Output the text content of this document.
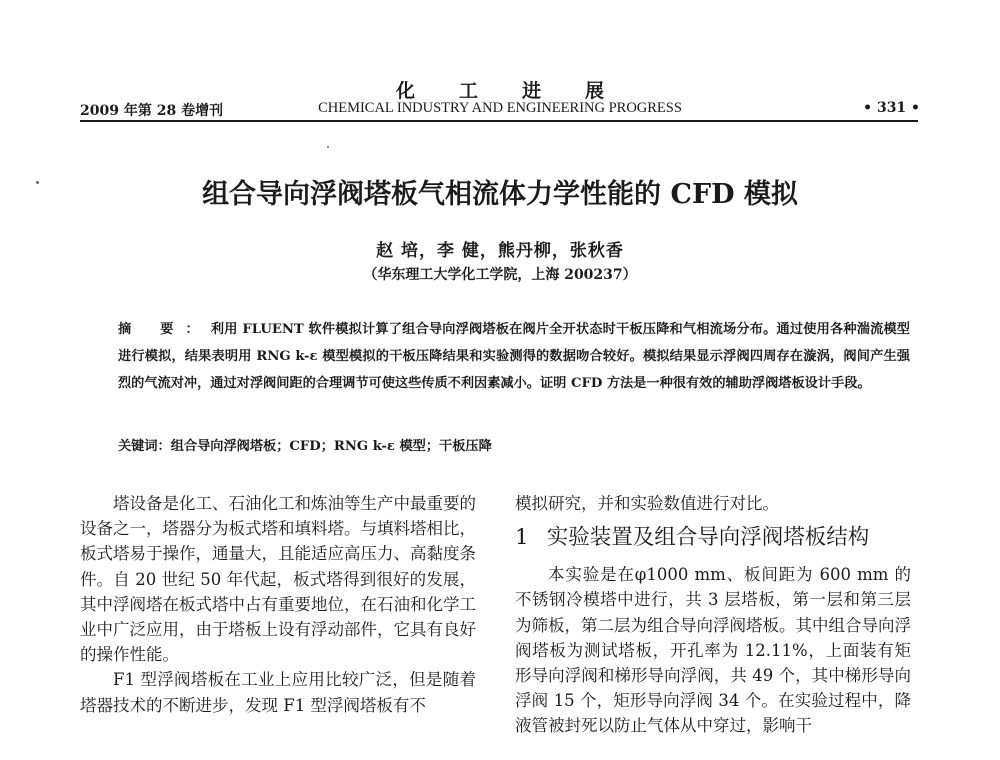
化工进展
2009 年第 28 卷增刊	CHEMICAL INDUSTRY AND ENGINEERING PROGRESS	• 331 •
组合导向浮阀塔板气相流体力学性能的 CFD 模拟
赵 培，李 健，熊丹柳，张秋香
（华东理工大学化工学院，上海 200237）
摘 要：利用 FLUENT 软件模拟计算了组合导向浮阀塔板在阀片全开状态时干板压降和气相流场分布。通过使用各种湍流模型进行模拟，结果表明用 RNG k-ε 模型模拟的干板压降结果和实验测得的数据吻合较好。模拟结果显示浮阀四周存在漩涡，阀间产生强烈的气流对冲，通过对浮阀间距的合理调节可使这些传质不利因素减小。证明 CFD 方法是一种很有效的辅助浮阀塔板设计手段。
关键词：组合导向浮阀塔板；CFD；RNG k-ε 模型；干板压降

塔设备是化工、石油化工和炼油等生产中最重要的设备之一，塔器分为板式塔和填料塔。与填料塔相比，板式塔易于操作，通量大，且能适应高压力、高黏度条件。自 20 世纪 50 年代起，板式塔得到很好的发展，其中浮阀塔在板式塔中占有重要地位，在石油和化学工业中广泛应用，由于塔板上设有浮动部件，它具有良好的操作性能。

F1 型浮阀塔板在工业上应用比较广泛，但是随着塔器技术的不断进步，发现 F1 型浮阀塔板有不

模拟研究，并和实验数值进行对比。

1 实验装置及组合导向浮阀塔板结构

本实验是在φ1000 mm、板间距为 600 mm 的不锈钢冷模塔中进行，共 3 层塔板，第一层和第三层为筛板，第二层为组合导向浮阀塔板。其中组合导向浮阀塔板为测试塔板，开孔率为 12.11%，上面装有矩形导向浮阀和梯形导向浮阀，共 49 个，其中梯形导向浮阀 15 个，矩形导向浮阀 34 个。在实验过程中，降液管被封死以防止气体从中穿过，影响干
